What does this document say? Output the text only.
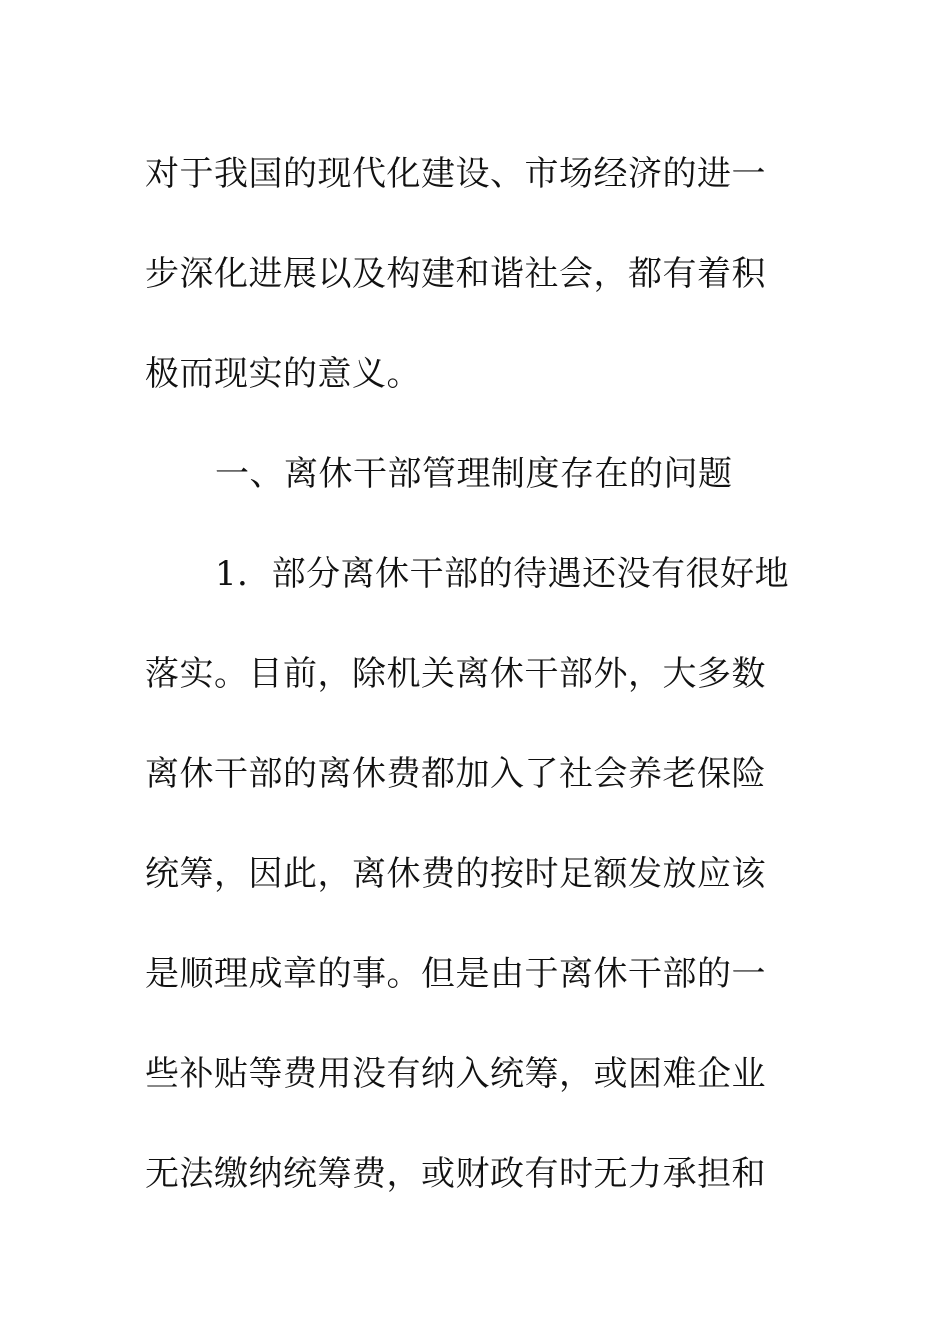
对于我国的现代化建设、市场经济的进一
步深化进展以及构建和谐社会，都有着积
极而现实的意义。
一、离休干部管理制度存在的问题
1．部分离休干部的待遇还没有很好地
落实。目前，除机关离休干部外，大多数
离休干部的离休费都加入了社会养老保险
统筹，因此，离休费的按时足额发放应该
是顺理成章的事。但是由于离休干部的一
些补贴等费用没有纳入统筹，或困难企业
无法缴纳统筹费，或财政有时无力承担和
